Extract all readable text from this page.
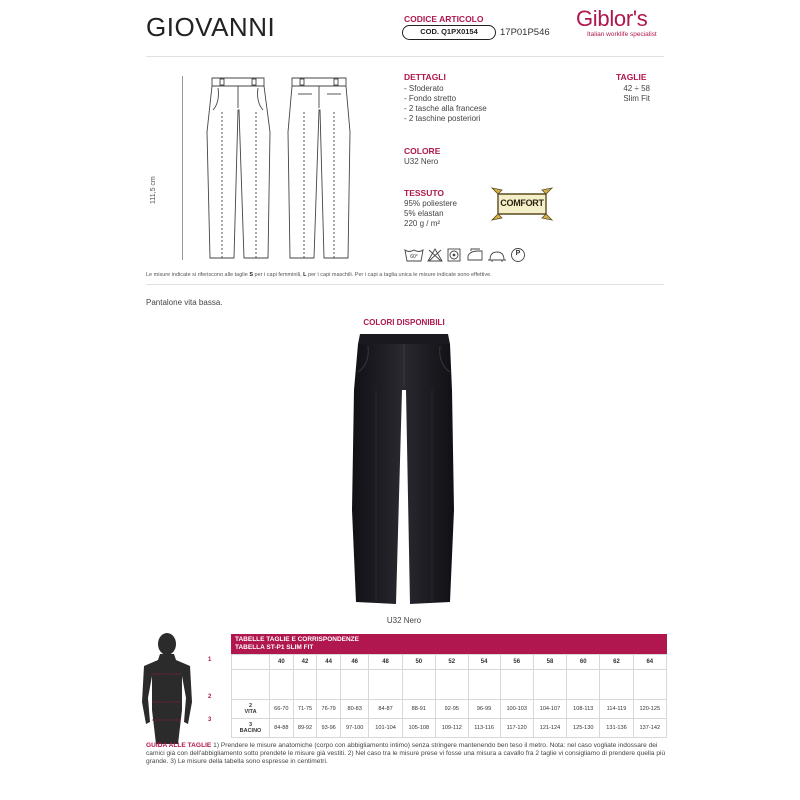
GIOVANNI	CODICE ARTICOLO
COD. Q1PX0154	17P01P546
Giblor's
Italian worklife specialist
111,5 cm
DETTAGLI
- Sfoderato
- Fondo stretto
- 2 tasche alla francese
- 2 taschine posteriori
TAGLIE
42 ÷ 58
Slim Fit
COLORE
U32 Nero
TESSUTO
95% poliestere
5% elastan
220 g / m²
COMFORT
60°	P
Le misure indicate si riferiscono alle taglie S per i capi femminili, L per i capi maschili. Per i capi a taglia unica le misure indicate sono effettive.
Pantalone vita bassa.
COLORI DISPONIBILI
U32 Nero
1
2
3
TABELLE TAGLIE E CORRISPONDENZE
TABELLA ST-P1 SLIM FIT
	40	42	44	46	48	50	52	54	56	58	60	62	64

2
VITA	66-70	71-75	76-79	80-83	84-87	88-91	92-95	96-99	100-103	104-107	108-113	114-119	120-125

3
BACINO	84-88	89-92	93-96	97-100	101-104	105-108	109-112	113-116	117-120	121-124	125-130	131-136	137-142
GUIDA ALLE TAGLIE 1) Prendere le misure anatomiche (corpo con abbigliamento intimo) senza stringere mantenendo ben teso il metro. Nota: nel caso vogliate indossare dei camici già con dell'abbigliamento sotto prendete le misure già vestiti. 2) Nel caso tra le misure prese vi fosse una misura a cavallo fra 2 taglie vi consigliamo di prendere quella più grande. 3) Le misure della tabella sono espresse in centimetri.
